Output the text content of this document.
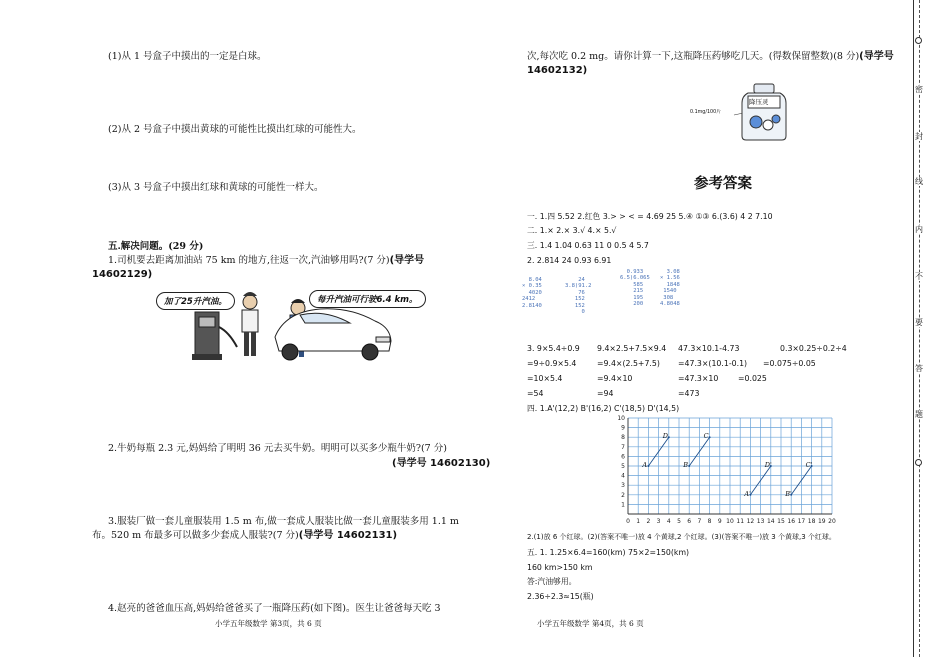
(1)从 1 号盒子中摸出的一定是白球。
(2)从 2 号盒子中摸出黄球的可能性比摸出红球的可能性大。
(3)从 3 号盒子中摸出红球和黄球的可能性一样大。
五.解决问题。(29 分)
1.司机要去距离加油站 75 km 的地方,往返一次,汽油够用吗?(7 分)(导学号
14602129)
加了25升汽油。	每升汽油可行驶6.4 km。
2.牛奶每瓶 2.3 元,妈妈给了明明 36 元去买牛奶。明明可以买多少瓶牛奶?(7 分)
(导学号 14602130)
3.服装厂做一套儿童服装用 1.5 m 布,做一套成人服装比做一套儿童服装多用 1.1 m
布。520 m 布最多可以做多少套成人服装?(7 分)(导学号 14602131)
4.赵亮的爸爸血压高,妈妈给爸爸买了一瓶降压药(如下图)。医生让爸爸每天吃 3
小学五年级数学 第3页，共 6 页
次,每次吃 0.2 mg。请你计算一下,这瓶降压药够吃几天。(得数保留整数)(8 分)(导学号
14602132)
降压灵
0.1mg/100片
参考答案
一. 1.四 5.52 2.红色 3.> > < = 4.69 25 5.④ ①③ 6.(3.6) 4 2 7.10
二. 1.× 2.× 3.√ 4.× 5.√
三. 1.4 1.04 0.63 11 0 0.5 4 5.7
2. 2.814 24 0.93 6.91
8.04
× 0.35
4020
2412
2.8140
24
3.8)91.2
76
152
152
0
0.933
6.5)6.065
585
215
195
200
3.08
× 1.56
1848
1540
308
4.8048
3. 9×5.4÷0.9
=9÷0.9×5.4
=10×5.4
=54
9.4×2.5+7.5×9.4
=9.4×(2.5+7.5)
=9.4×10
=94
47.3×10.1-4.73
=47.3×(10.1-0.1)
=47.3×10
=473
0.3×0.25÷0.2÷4
=0.075÷0.05
=0.025
四. 1.A'(12,2) B'(16,2) C'(18,5) D'(14,5)
0 1 2 3 4 5 6 7 8 9 10 11 12 13 14 15 16 17 18 19 20
1
2
3
4
5
6
7
8
9
10
A	B
C
D
A'	B'
C'
D'
2.(1)放 6 个红球。(2)(答案不唯一)放 4 个黄球,2 个红球。(3)(答案不唯一)放 3 个黄球,3 个红球。
五. 1. 1.25×6.4=160(km) 75×2=150(km)
160 km>150 km
答:汽油够用。
2.36÷2.3≈15(瓶)
小学五年级数学 第4页，共 6 页
密
封
线
内
不
要
答
题
